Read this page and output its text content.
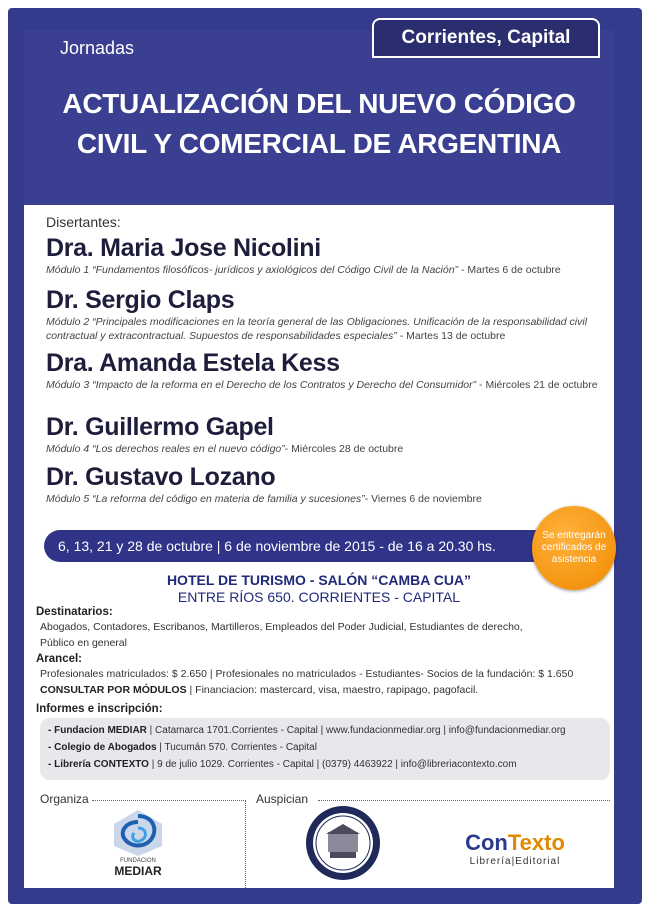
Corrientes, Capital
Jornadas
ACTUALIZACIÓN DEL NUEVO CÓDIGO
CIVIL Y COMERCIAL DE ARGENTINA
Disertantes:
Dra. Maria Jose Nicolini
Módulo 1 “Fundamentos filosóficos- jurídicos y axiológicos del Código Civil de la Nación” - Martes 6 de octubre
Dr. Sergio Claps
Módulo 2 “Principales modificaciones en la teoría general de las Obligaciones. Unificación de la responsabilidad civil contractual y extracontractual. Supuestos de responsabilidades especiales” - Martes 13 de octubre
Dra. Amanda Estela Kess
Módulo 3 “Impacto de la reforma en el Derecho de los Contratos y Derecho del Consumidor” - Miércoles 21 de octubre
Dr. Guillermo Gapel
Módulo 4 “Los derechos reales en el nuevo código”- Miércoles 28 de octubre
Dr. Gustavo Lozano
Módulo 5 “La reforma del código en materia de familia y sucesiones”- Viernes 6 de noviembre
6, 13, 21 y 28 de octubre | 6 de noviembre de 2015 - de 16 a 20.30 hs.
Se entregarán certificados de asistencia
HOTEL DE TURISMO - SALÓN “CAMBA CUA”
ENTRE RÍOS 650. CORRIENTES - CAPITAL
Destinatarios:
Abogados, Contadores, Escribanos, Martilleros, Empleados del Poder Judicial, Estudiantes de derecho, Público en general
Arancel:
Profesionales matriculados: $ 2.650 | Profesionales no matriculados - Estudiantes- Socios de la fundación: $ 1.650
CONSULTAR POR MÓDULOS | Financiacion: mastercard, visa, maestro, rapipago, pagofacil.
Informes e inscripción:
- Fundacion MEDIAR | Catamarca 1701.Corrientes - Capital | www.fundacionmediar.org | info@fundacionmediar.org
- Colegio de Abogados | Tucumán 570. Corrientes - Capital
- Librería CONTEXTO | 9 de julio 1029. Corrientes - Capital | (0379) 4463922 | info@libreriacontexto.com
Organiza	Auspician
FUNDACION
MEDIAR
ConTexto
Librería|Editorial
